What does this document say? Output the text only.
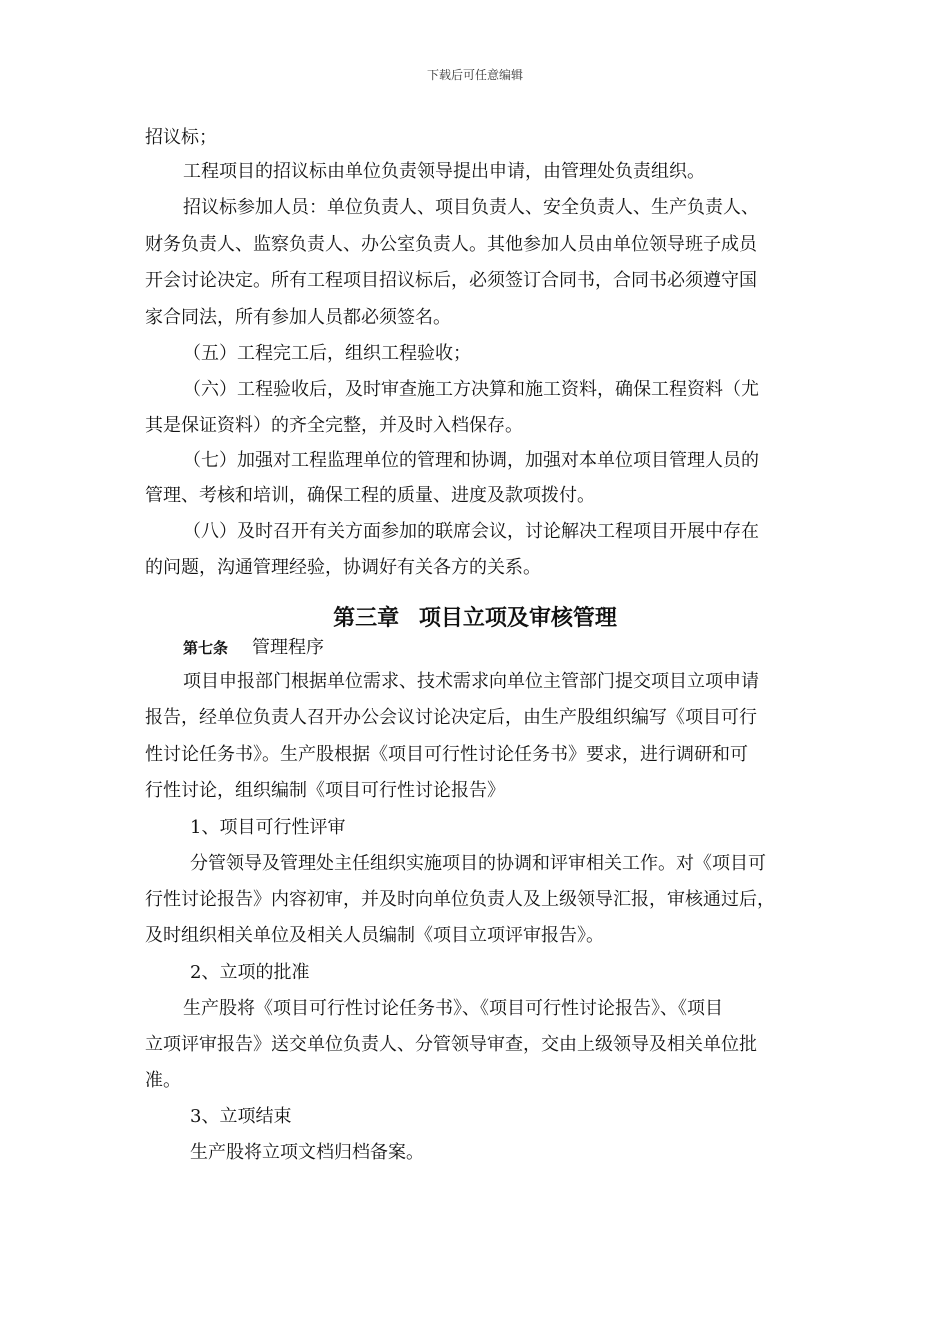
下载后可任意编辑
招议标；
工程项目的招议标由单位负责领导提出申请，由管理处负责组织。
招议标参加人员：单位负责人、项目负责人、安全负责人、生产负责人、
财务负责人、监察负责人、办公室负责人。其他参加人员由单位领导班子成员
开会讨论决定。所有工程项目招议标后，必须签订合同书，合同书必须遵守国
家合同法，所有参加人员都必须签名。
（五）工程完工后，组织工程验收；
（六）工程验收后，及时审查施工方决算和施工资料，确保工程资料（尤
其是保证资料）的齐全完整，并及时入档保存。
（七）加强对工程监理单位的管理和协调，加强对本单位项目管理人员的
管理、考核和培训，确保工程的质量、进度及款项拨付。
（八）及时召开有关方面参加的联席会议，讨论解决工程项目开展中存在
的问题，沟通管理经验，协调好有关各方的关系。
第三章 项目立项及审核管理
第七条 管理程序
项目申报部门根据单位需求、技术需求向单位主管部门提交项目立项申请
报告，经单位负责人召开办公会议讨论决定后，由生产股组织编写《项目可行
性讨论任务书》。生产股根据《项目可行性讨论任务书》要求，进行调研和可
行性讨论，组织编制《项目可行性讨论报告》
1、项目可行性评审
分管领导及管理处主任组织实施项目的协调和评审相关工作。对《项目可
行性讨论报告》内容初审，并及时向单位负责人及上级领导汇报，审核通过后，
及时组织相关单位及相关人员编制《项目立项评审报告》。
2、立项的批准
生产股将《项目可行性讨论任务书》、《项目可行性讨论报告》、《项目
立项评审报告》送交单位负责人、分管领导审查，交由上级领导及相关单位批
准。
3、立项结束
生产股将立项文档归档备案。
